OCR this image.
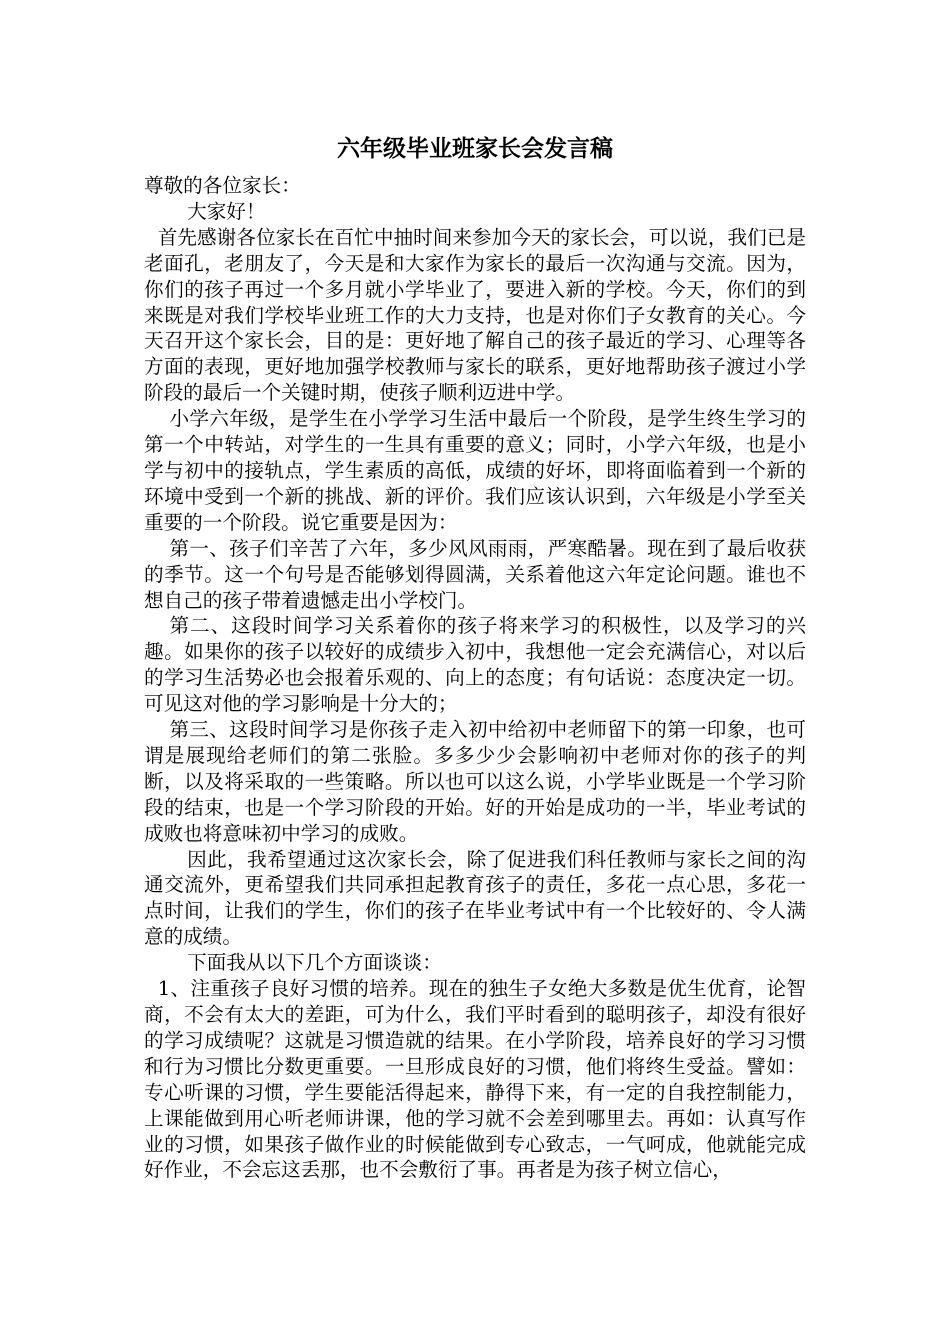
六年级毕业班家长会发言稿

尊敬的各位家长：

大家好！

首先感谢各位家长在百忙中抽时间来参加今天的家长会，可以说，我们已是老面孔，老朋友了，今天是和大家作为家长的最后一次沟通与交流。因为，你们的孩子再过一个多月就小学毕业了，要进入新的学校。今天，你们的到来既是对我们学校毕业班工作的大力支持，也是对你们子女教育的关心。今天召开这个家长会，目的是：更好地了解自己的孩子最近的学习、心理等各方面的表现，更好地加强学校教师与家长的联系，更好地帮助孩子渡过小学阶段的最后一个关键时期，使孩子顺利迈进中学。

小学六年级，是学生在小学学习生活中最后一个阶段，是学生终生学习的第一个中转站，对学生的一生具有重要的意义；同时，小学六年级，也是小学与初中的接轨点，学生素质的高低，成绩的好坏，即将面临着到一个新的环境中受到一个新的挑战、新的评价。我们应该认识到，六年级是小学至关重要的一个阶段。说它重要是因为：

第一、孩子们辛苦了六年，多少风风雨雨，严寒酷暑。现在到了最后收获的季节。这一个句号是否能够划得圆满，关系着他这六年定论问题。谁也不想自己的孩子带着遗憾走出小学校门。

第二、这段时间学习关系着你的孩子将来学习的积极性，以及学习的兴趣。如果你的孩子以较好的成绩步入初中，我想他一定会充满信心，对以后的学习生活势必也会报着乐观的、向上的态度；有句话说：态度决定一切。可见这对他的学习影响是十分大的；

第三、这段时间学习是你孩子走入初中给初中老师留下的第一印象，也可谓是展现给老师们的第二张脸。多多少少会影响初中老师对你的孩子的判断，以及将采取的一些策略。所以也可以这么说，小学毕业既是一个学习阶段的结束，也是一个学习阶段的开始。好的开始是成功的一半，毕业考试的成败也将意味初中学习的成败。

因此，我希望通过这次家长会，除了促进我们科任教师与家长之间的沟通交流外，更希望我们共同承担起教育孩子的责任，多花一点心思，多花一点时间，让我们的学生，你们的孩子在毕业考试中有一个比较好的、令人满意的成绩。

下面我从以下几个方面谈谈：

1、注重孩子良好习惯的培养。现在的独生子女绝大多数是优生优育，论智商，不会有太大的差距，可为什么，我们平时看到的聪明孩子，却没有很好的学习成绩呢？这就是习惯造就的结果。在小学阶段，培养良好的学习习惯和行为习惯比分数更重要。一旦形成良好的习惯，他们将终生受益。譬如：专心听课的习惯，学生要能活得起来，静得下来，有一定的自我控制能力，上课能做到用心听老师讲课，他的学习就不会差到哪里去。再如：认真写作业的习惯，如果孩子做作业的时候能做到专心致志，一气呵成，他就能完成好作业，不会忘这丢那，也不会敷衍了事。再者是为孩子树立信心，
